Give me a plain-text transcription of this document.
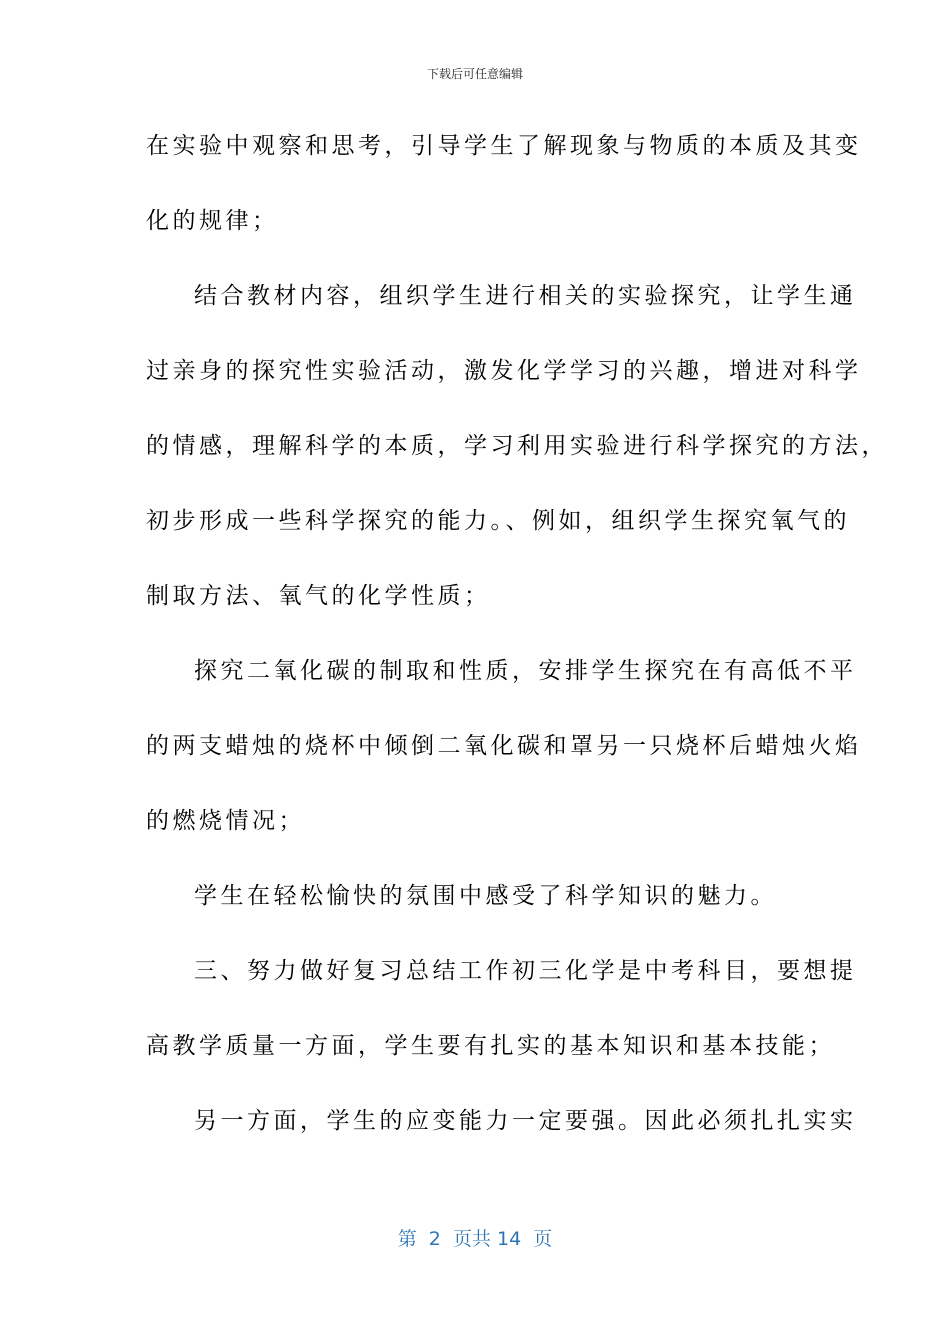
下载后可任意编辑
在实验中观察和思考，引导学生了解现象与物质的本质及其变
化的规律；
结合教材内容，组织学生进行相关的实验探究，让学生通
过亲身的探究性实验活动，激发化学学习的兴趣，增进对科学
的情感，理解科学的本质，学习利用实验进行科学探究的方法，
初步形成一些科学探究的能力。、例如，组织学生探究氧气的
制取方法、氧气的化学性质；
探究二氧化碳的制取和性质，安排学生探究在有高低不平
的两支蜡烛的烧杯中倾倒二氧化碳和罩另一只烧杯后蜡烛火焰
的燃烧情况；
学生在轻松愉快的氛围中感受了科学知识的魅力。
三、努力做好复习总结工作初三化学是中考科目，要想提
高教学质量一方面，学生要有扎实的基本知识和基本技能；
另一方面，学生的应变能力一定要强。因此必须扎扎实实
第  2  页共 14  页
